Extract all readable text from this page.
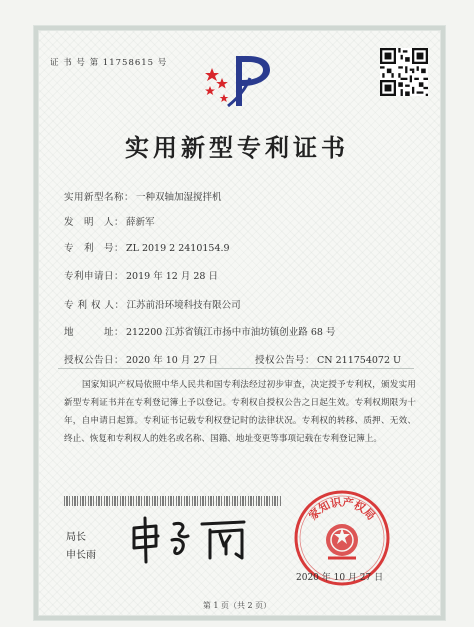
证 书 号 第 11758615 号
实用新型专利证书
实用新型名称： 一种双轴加湿搅拌机
发　明　人： 薛新军
专　利　号： ZL 2019 2 2410154.9
专利申请日： 2019 年 12 月 28 日
专 利 权 人： 江苏前沿环境科技有限公司
地　　　址： 212200 江苏省镇江市扬中市油坊镇创业路 68 号
授权公告日： 2020 年 10 月 27 日	授权公告号： CN 211754072 U
国家知识产权局依照中华人民共和国专利法经过初步审查，决定授予专利权，颁发实用新型专利证书并在专利登记簿上予以登记。专利权自授权公告之日起生效。专利权期限为十年，自申请日起算。专利证书记载专利权登记时的法律状况。专利权的转移、质押、无效、终止、恢复和专利权人的姓名或名称、国籍、地址变更等事项记载在专利登记簿上。
局长
申长雨
家知识产权局
2020 年 10 月 27 日
第 1 页（共 2 页）
